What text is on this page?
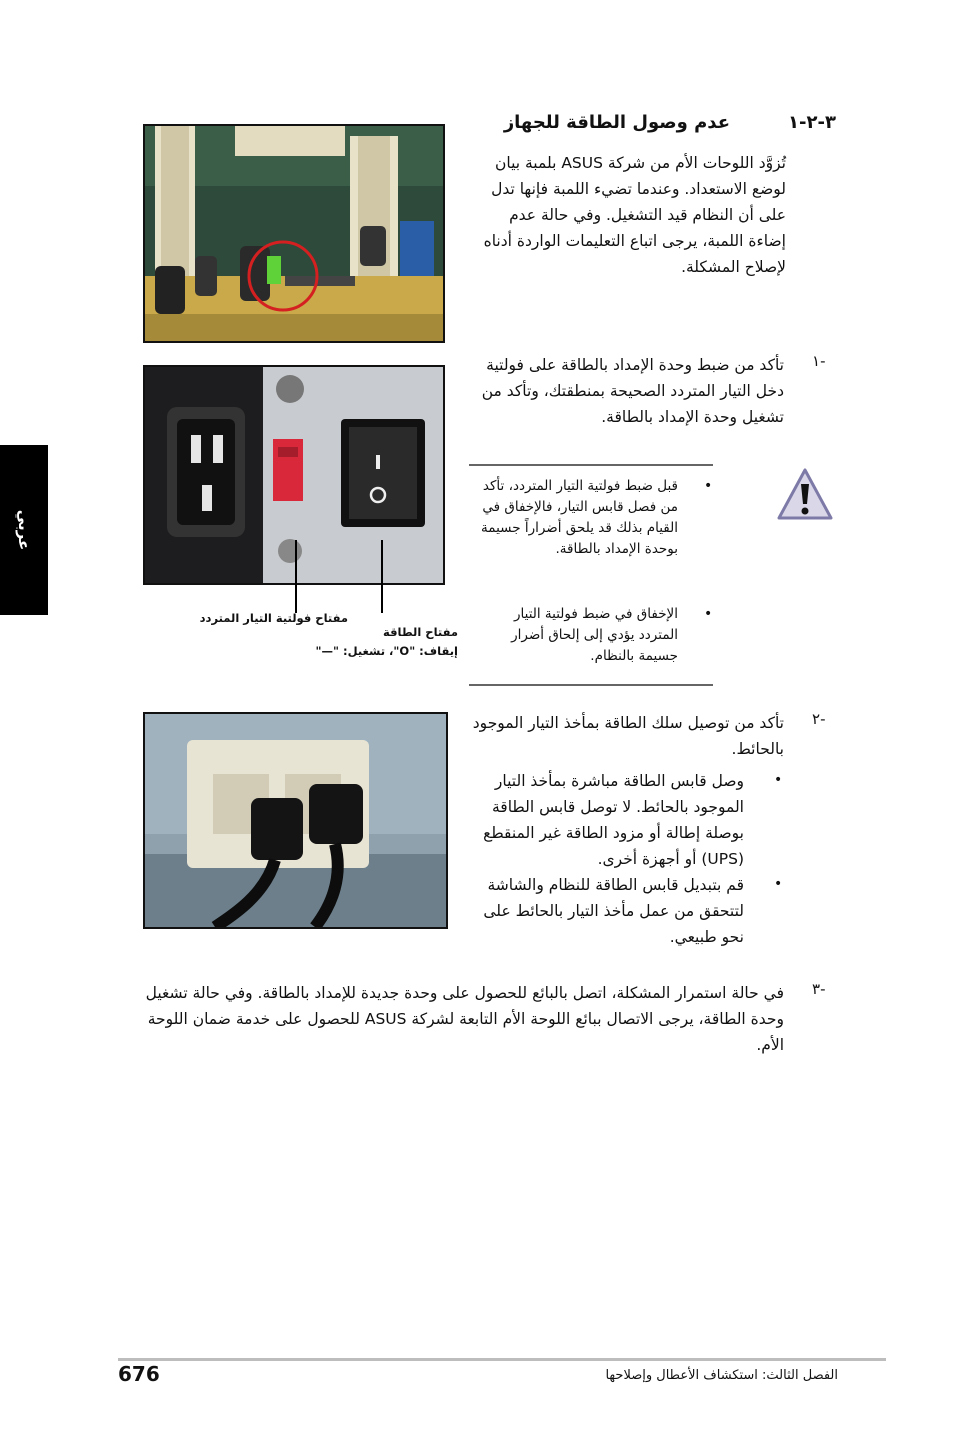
٣-٢-١
عدم وصول الطاقة للجهاز
تُزوَّد اللوحات الأم من شركة ASUS بلمبة بيان لوضع الاستعداد. وعندما تضيء اللمبة فإنها تدل على أن النظام قيد التشغيل. وفي حالة عدم إضاءة اللمبة، يرجى اتباع التعليمات الواردة أدناه لإصلاح المشكلة.
١-
تأكد من ضبط وحدة الإمداد بالطاقة على فولتية دخل التيار المتردد الصحيحة بمنطقتك، وتأكد من تشغيل وحدة الإمداد بالطاقة.
مفتاح فولتية التيار المتردد
مفتاح الطاقة
إيقاف: "O"، تشغيل: "—"
•
قبل ضبط فولتية التيار المتردد، تأكد من فصل قابس التيار، فالإخفاق في القيام بذلك قد يلحق أضراراً جسيمة بوحدة الإمداد بالطاقة.
•
الإخفاق في ضبط فولتية التيار المتردد يؤدي إلى إلحاق أضرار جسيمة بالنظام.
٢-
تأكد من توصيل سلك الطاقة بمأخذ التيار الموجود بالحائط.
•
وصل قابس الطاقة مباشرة بمأخذ التيار الموجود بالحائط. لا توصل قابس الطاقة بوصلة إطالة أو مزود الطاقة غير المنقطع (UPS) أو أجهزة أخرى.
•
قم بتبديل قابس الطاقة للنظام والشاشة لتتحقق من عمل مأخذ التيار بالحائط على نحو طبيعي.
٣-
في حالة استمرار المشكلة، اتصل بالبائع للحصول على وحدة جديدة للإمداد بالطاقة. وفي حالة تشغيل وحدة الطاقة، يرجى الاتصال ببائع اللوحة الأم التابعة لشركة ASUS للحصول على خدمة ضمان اللوحة الأم.
عربي
676	الفصل الثالث: استكشاف الأعطال وإصلاحها
